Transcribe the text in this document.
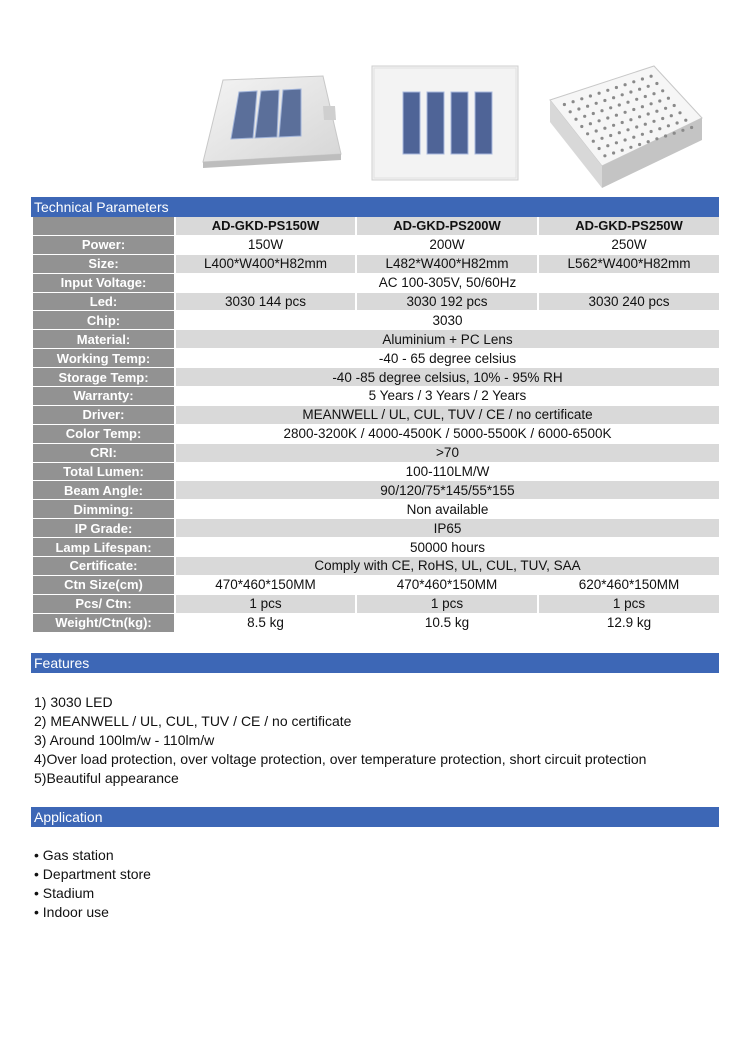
Technical Parameters
	AD-GKD-PS150W	AD-GKD-PS200W	AD-GKD-PS250W
Power:	150W	200W	250W
Size:	L400*W400*H82mm	L482*W400*H82mm	L562*W400*H82mm
Input Voltage:	AC 100-305V, 50/60Hz		
Led:	3030 144 pcs	3030 192 pcs	3030 240 pcs
Chip:	3030		
Material:	Aluminium + PC Lens		
Working Temp:	-40 - 65 degree celsius		
Storage Temp:	-40 -85 degree celsius, 10% - 95% RH		
Warranty:	5 Years / 3 Years / 2 Years		
Driver:	MEANWELL / UL, CUL, TUV / CE / no certificate		
Color Temp:	2800-3200K / 4000-4500K / 5000-5500K / 6000-6500K		
CRI:	>70		
Total Lumen:	100-110LM/W		
Beam Angle:	90/120/75*145/55*155		
Dimming:	Non available		
IP Grade:	IP65		
Lamp Lifespan:	50000 hours		
Certificate:	Comply with CE, RoHS, UL, CUL, TUV, SAA		
Ctn Size(cm)	470*460*150MM	470*460*150MM	620*460*150MM
Pcs/ Ctn:	1 pcs	1 pcs	1 pcs
Weight/Ctn(kg):	8.5 kg	10.5 kg	12.9 kg
Features
1) 3030 LED
2) MEANWELL / UL, CUL, TUV / CE / no certificate
3) Around 100lm/w - 110lm/w
4)Over load protection, over voltage protection, over temperature protection, short circuit protection
5)Beautiful appearance
Application
• Gas station
• Department store
• Stadium
• Indoor use
